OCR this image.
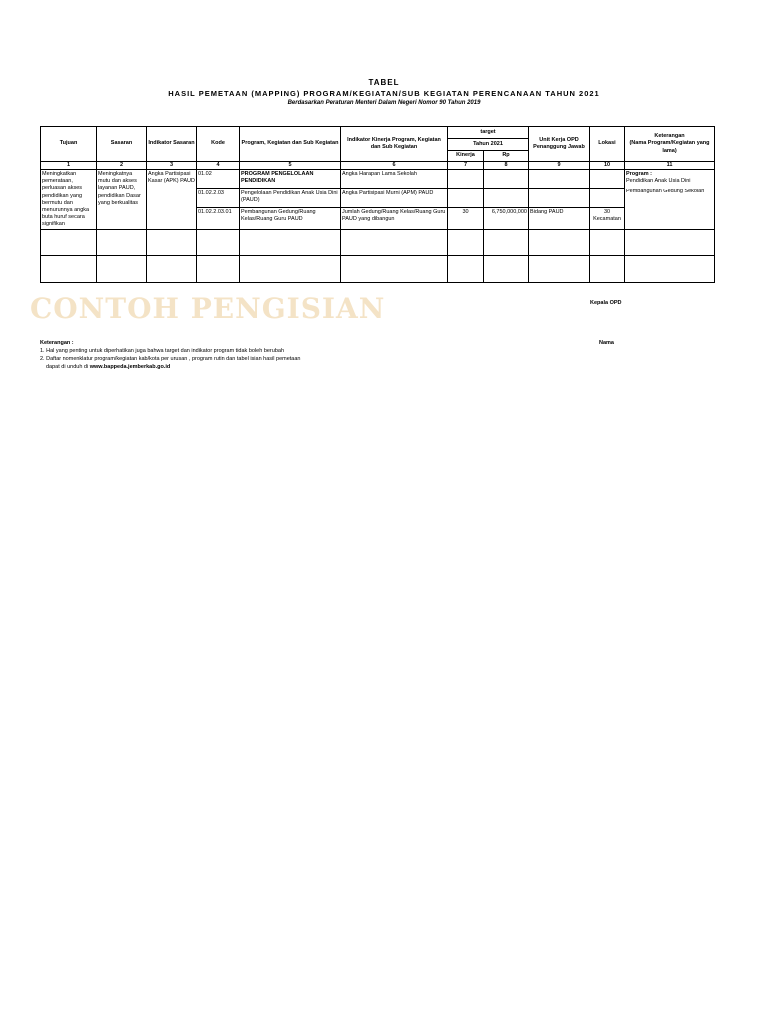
TABEL
HASIL PEMETAAN (MAPPING) PROGRAM/KEGIATAN/SUB KEGIATAN PERENCANAAN TAHUN 2021
Berdasarkan Peraturan Menteri Dalam Negeri Nomor 90 Tahun 2019
Tujuan	Sasaran	Indikator Sasaran	Kode	Program, Kegiatan dan Sub Kegiatan	Indikator Kinerja Program, Kegiatan dan Sub Kegiatan	target		Unit Kerja OPD Penanggung Jawab	Lokasi	Keterangan
(Nama Program/Kegiatan yang lama)

						Tahun 2021				
						Kinerja	Rp			
1	2	3	4	5	6	7	8	9	10	11
Meningkatkan pemerataan, perluasan akses pendidikan yang bermutu dan menurunnya angka buta huruf secara signifikan	Meningkatnya mutu dan akses layanan PAUD, pendidikan Dasar yang berkualitas	Angka Partisipasi Kasar (APK) PAUD	01.02	PROGRAM PENGELOLAAN PENDIDIKAN	Angka Harapan Lama Sekolah					Program :
Pendidikan Anak Usia Dini

			01.02.2.03	Pengelolaan Pendidikan Anak Usia Dini (PAUD)	Angka Partisipasi Murni (APM) PAUD					Pembangunan Gedung Sekolah

			01.02.2.03.01	Pembangunan Gedung/Ruang Kelas/Ruang Guru PAUD	Jumlah Gedung/Ruang Kelas/Ruang Guru PAUD yang dibangun	30	6,750,000,000	Bidang PAUD	30 Kecamatan	

CONTOH PENGISIAN	Kepala OPD
Nama
Keterangan :
1. Hal yang penting untuk diperhatikan juga bahwa target dan indikator program tidak boleh berubah
2. Daftar nomenklatur program/kegiatan kab/kota per urusan , program rutin dan tabel isian hasil pemetaan
dapat di unduh di www.bappeda.jemberkab.go.id
